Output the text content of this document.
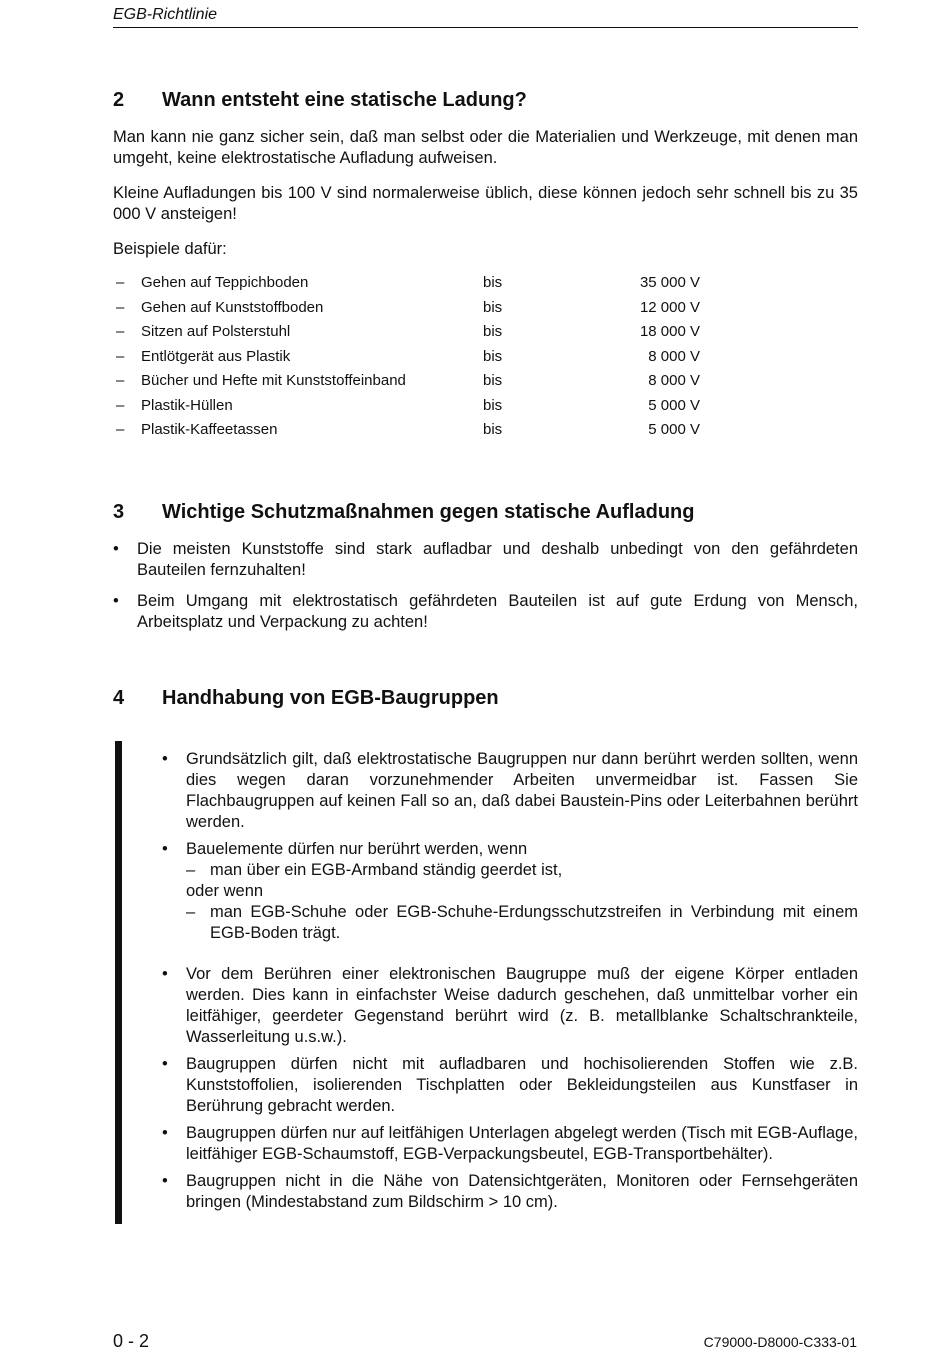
EGB-Richtlinie
2 Wann entsteht eine statische Ladung?
Man kann nie ganz sicher sein, daß man selbst oder die Materialien und Werkzeuge, mit denen man umgeht, keine elektrostatische Aufladung aufweisen.
Kleine Aufladungen bis 100 V sind normalerweise üblich, diese können jedoch sehr schnell bis zu 35 000 V ansteigen!
Beispiele dafür:
– Gehen auf Teppichboden	bis	35 000 V
– Gehen auf Kunststoffboden	bis	12 000 V
– Sitzen auf Polsterstuhl	bis	18 000 V
– Entlötgerät aus Plastik	bis	8 000 V
– Bücher und Hefte mit Kunststoffeinband	bis	8 000 V
– Plastik-Hüllen	bis	5 000 V
– Plastik-Kaffeetassen	bis	5 000 V
3 Wichtige Schutzmaßnahmen gegen statische Aufladung
• Die meisten Kunststoffe sind stark aufladbar und deshalb unbedingt von den gefährdeten Bauteilen fernzuhalten!
• Beim Umgang mit elektrostatisch gefährdeten Bauteilen ist auf gute Erdung von Mensch, Arbeitsplatz und Verpackung zu achten!
4 Handhabung von EGB-Baugruppen
• Grundsätzlich gilt, daß elektrostatische Baugruppen nur dann berührt werden sollten, wenn dies wegen daran vorzunehmender Arbeiten unvermeidbar ist. Fassen Sie Flachbaugruppen auf keinen Fall so an, daß dabei Baustein-Pins oder Leiterbahnen berührt werden.
• Bauelemente dürfen nur berührt werden, wenn
– man über ein EGB-Armband ständig geerdet ist,
oder wenn
– man EGB-Schuhe oder EGB-Schuhe-Erdungsschutzstreifen in Verbindung mit einem EGB-Boden trägt.
• Vor dem Berühren einer elektronischen Baugruppe muß der eigene Körper entladen werden. Dies kann in einfachster Weise dadurch geschehen, daß unmittelbar vorher ein leitfähiger, geerdeter Gegenstand berührt wird (z. B. metallblanke Schaltschrankteile, Wasserleitung u.s.w.).
• Baugruppen dürfen nicht mit aufladbaren und hochisolierenden Stoffen wie z.B. Kunststoffolien, isolierenden Tischplatten oder Bekleidungsteilen aus Kunstfaser in Berührung gebracht werden.
• Baugruppen dürfen nur auf leitfähigen Unterlagen abgelegt werden (Tisch mit EGB-Auflage, leitfähiger EGB-Schaumstoff, EGB-Verpackungsbeutel, EGB-Transportbehälter).
• Baugruppen nicht in die Nähe von Datensichtgeräten, Monitoren oder Fernsehgeräten bringen (Mindestabstand zum Bildschirm > 10 cm).
0 - 2	C79000-D8000-C333-01
